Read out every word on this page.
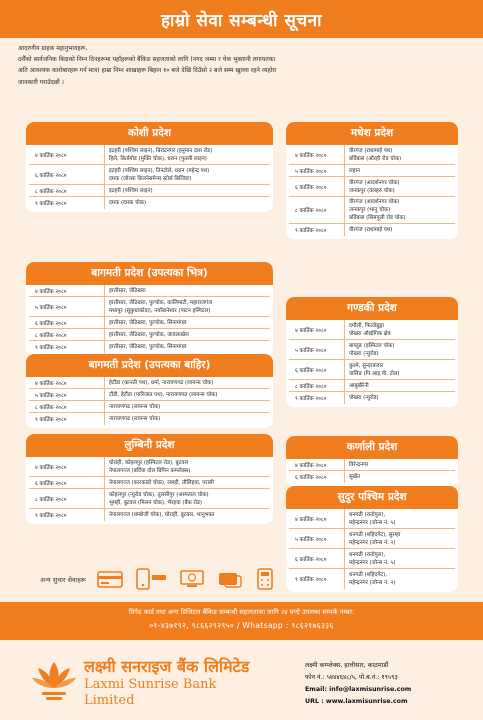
हाम्रो सेवा सम्बन्धी सूचना

आदरणीय ग्राहक महानुभावहरू,

दशैँको सार्वजनिक बिदाको निम्न दिनहरूमा यहाँहरूको बैंकिङ सहजताको लागि (नगद जम्मा र चेक भुक्तानी लगायतका

अति आवश्यक कारोबारहरू गर्न मात्र) हाम्रा निम्न शाखाहरू बिहान १० बजे देखि दिउँसो २ बजे सम्म खुल्ला रहने व्यहोरा

जानकारी गराउँदछौं ।

कोशी प्रदेश
४ कार्तिक २०८०
इटहरी (पश्चिम लाइन), बिराटनगर (हनुमान दास रोड)
हिले, बिर्तामोड (मुक्ति चोक), धरान (पुतली लाइन)
६ कार्तिक २०८०
इटहरी (पश्चिम लाइन), तिनटोले, धरान (महेन्द्र पथ)
दमक (जोरसा बिजनेसमेन्स स्टोर्स बिल्डिङ)
८ कार्तिक २०८०	इटहरी (पश्चिम लाइन)
९ कार्तिक २०८०	दमक (दमक चोक)
बागमती प्रदेश (उपत्यका भित्र)
४ कार्तिक २०८०	हात्तीसार, जेठिबारा
५ कार्तिक २०८०
हात्तीसार, जेठिबारा, पुल्चोक, कालिमाटी, महाराजगंज
मध्यपुर (सुकुधाकोदा), नयाँबानेश्वर (पाटन हस्पिटल)
६ कार्तिक २०८०	हात्तीसार, जेठिबारा, पुल्चोक, सिनामंगल
८ कार्तिक २०८०	हात्तीसार, जेठिबारा, पुल्चोक, जावलाखेल
९ कार्तिक २०८०	हात्तीसार, जेठिबारा, पुल्चोक, सिनामंगल
बागमती प्रदेश (उपत्यका बाहिर)
४ कार्तिक २०८०	हेटौंडा (कानती पथ), धर्मा, नारायणगढ (लायन्स चोक)
५ कार्तिक २०८०	टौंडी, हेटौंडा (पारिजात पथ), नारायणगढ (लायन्स चोक)
८ कार्तिक २०८०	नारायणगढ (लायन्स चोक)
९ कार्तिक २०८०	नारायणगढ (लायन्स चोक)
लुम्बिनी प्रदेश
४ कार्तिक २०८०
घोराही, कोहलपुर (हस्पिटल रोड), बुटवल
नेपालगञ्ज (बर्दिया दोल बिपिन कम्प्लेक्स)
६ कार्तिक २०८०	नेपालगञ्ज (कारकाडो चोक), लमही, तौलिहवा, परासी
८ कार्तिक २०८०
कोहलपुर (न्युरोड चोक), तुलसीपुर (अस्पताल चोक)
भुमही, बुटवल (मिलन चोक), भैरहवा (बैंक रोड)
९ कार्तिक २०८०	नेपालगञ्ज (धम्बोजी चोक), घोराही, बुटवल, भानुभक्त
मधेश प्रदेश
४ कार्तिक २०८०
वीरगंज (राधामाई पथ)
बर्दिबास (औरही रोड चोक)
५ कार्तिक २०८०	लहान
६ कार्तिक २०८०
वीरगंज (आदर्शनगर चोक)
जनकपुर (वलहरु चोक)
८ कार्तिक २०८०
वीरगंज (आदर्शनगर चोक)
जनकपुर (भानु चोक)
बर्दिबास (सिमपुली रोड चोक)
९ कार्तिक २०८०	वीरगंज (राधामाई पथ)
गण्डकी प्रदेश
४ कार्तिक २०८०
दमौली, फिल्डेबुङ्गा
पोखरा औद्योगिक क्षेत्र
५ कार्तिक २०८०
बाग्लुङ (हस्पिटल चोक)
पोखरा (न्युरोड)
६ कार्तिक २०८०
कुश्मे, सुन्दरबजार
वालिङ (पि.आइ.पी. टोल)
८ कार्तिक २०८०	आबुखैरेनी
९ कार्तिक २०८०	पोखरा (न्युरोड)
कर्णाली प्रदेश
४ कार्तिक २०८०	विरेन्द्रनगर
६ कार्तिक २०८०	सुर्खेत
सुदुर पश्चिम प्रदेश
४ कार्तिक २०८०
धनगढी (रातोपुल),
महेन्द्रनगर (जोन्स नं. ५)
५ कार्तिक २०८०
धनगढी (शहिदगेट), सुरम्हा
महेन्द्रनगर (जोन्स नं. २)
६ कार्तिक २०८०
धनगढी (रातोपुल),
महेन्द्रनगर (जोन्स नं. ५)
९ कार्तिक २०८०
धनगढी (शहिदगेट),
महेन्द्रनगर (जोन्स नं. २)
अन्य सुचार सेवाहरू
प्रिपेड कार्ड तथा अन्य डिजिटल बैंकिङ सम्बन्धी सहायताका लागि २४ घण्टे उपलब्ध सम्पर्क नम्बर:
०१-४३७१९२, ९८६६२९२९५० / Whatsapp : ९८६२१७६३३६
लक्ष्मी सनराइज बैंक लिमिटेड
Laxmi Sunrise Bank Limited
लक्ष्मी कम्प्लेक्स, हात्तीसार, काठमाडौं
फोन नं.: ५४४४६४८/५, पो.ब.नं.: १९५९३
Email: info@laxmisunrise.com
URL : www.laxmisunrise.com
